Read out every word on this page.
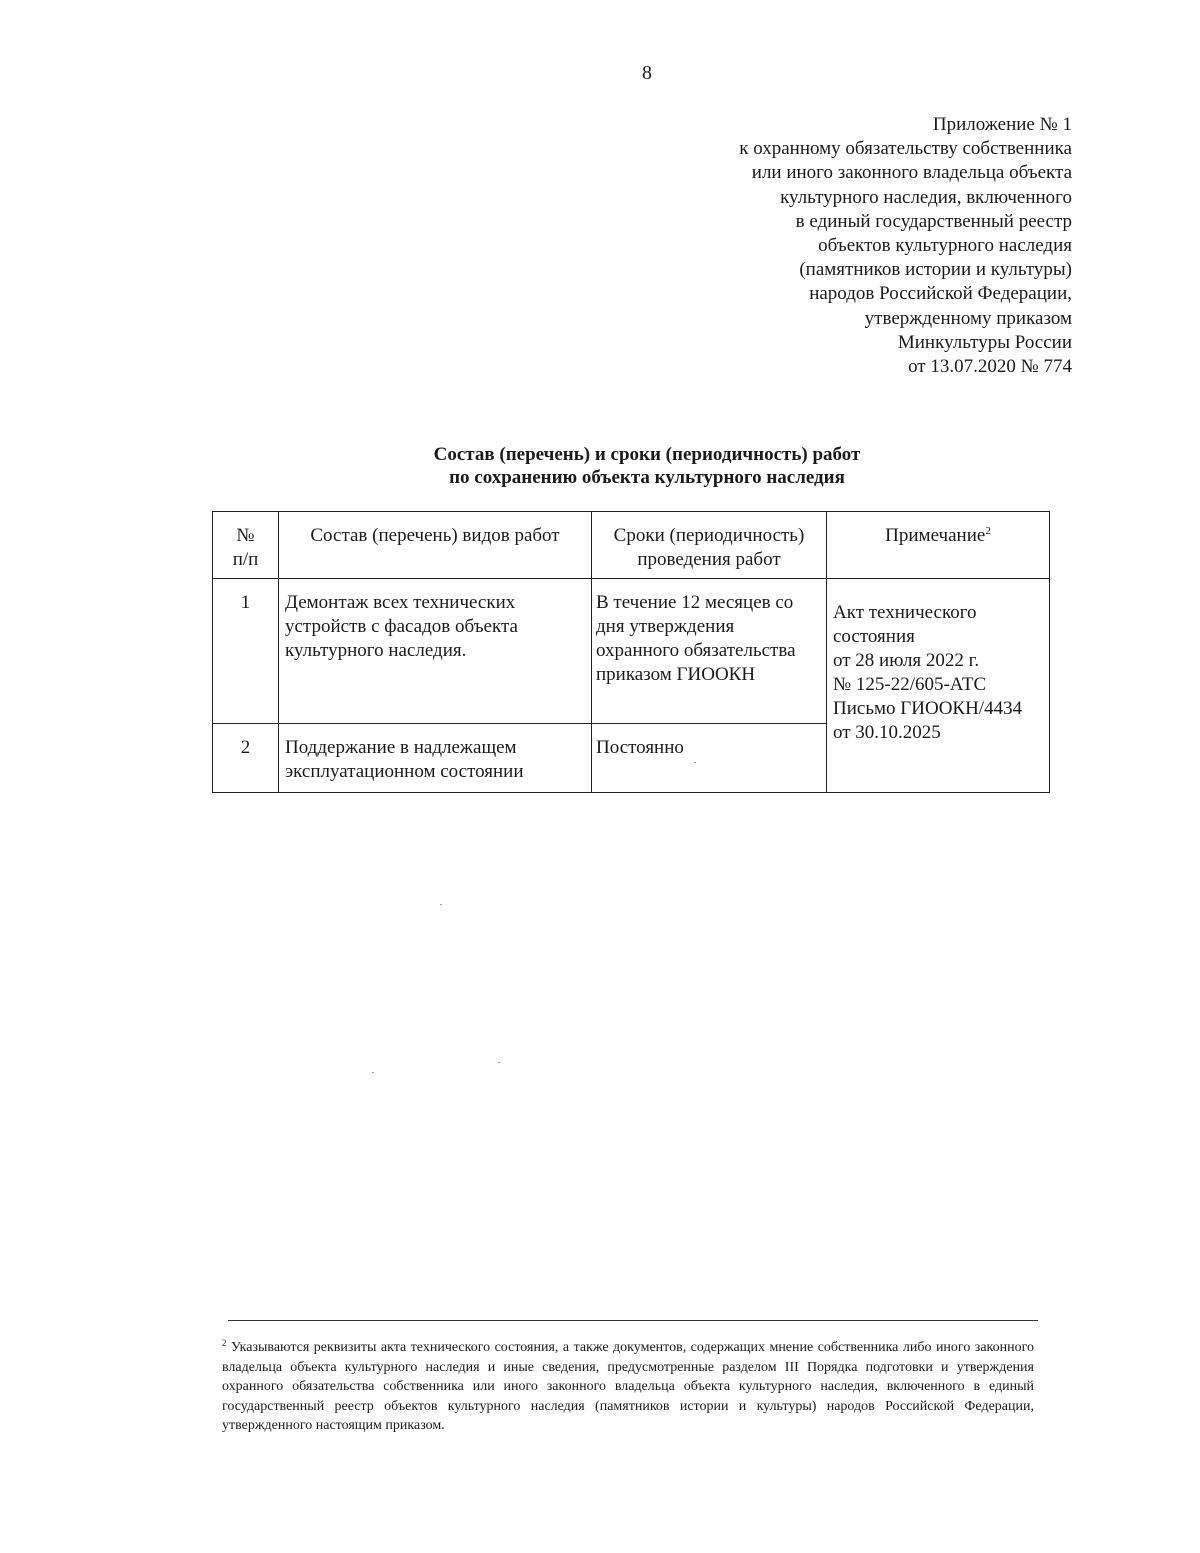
8
Приложение № 1
к охранному обязательству собственника
или иного законного владельца объекта
культурного наследия, включенного
в единый государственный реестр
объектов культурного наследия
(памятников истории и культуры)
народов Российской Федерации,
утвержденному приказом
Минкультуры России
от 13.07.2020 № 774
Состав (перечень) и сроки (периодичность) работ
по сохранению объекта культурного наследия
№
п/п	Состав (перечень) видов работ	Сроки (периодичность) проведения работ	Примечание$^2$
1	Демонтаж всех технических устройств с фасадов объекта культурного наследия.	В течение 12 месяцев со дня утверждения охранного обязательства приказом ГИООКН	Акт технического состояния
от 28 июля 2022 г.
№ 125-22/605-АТС
Письмо ГИООКН/4434
от 30.10.2025

2	Поддержание в надлежащем эксплуатационном состоянии	Постоянно	
$^2$ Указываются реквизиты акта технического состояния, а также документов, содержащих мнение собственника либо иного законного владельца объекта культурного наследия и иные сведения, предусмотренные разделом III Порядка подготовки и утверждения охранного обязательства собственника или иного законного владельца объекта культурного наследия, включенного в единый государственный реестр объектов культурного наследия (памятников истории и культуры) народов Российской Федерации, утвержденного настоящим приказом.
